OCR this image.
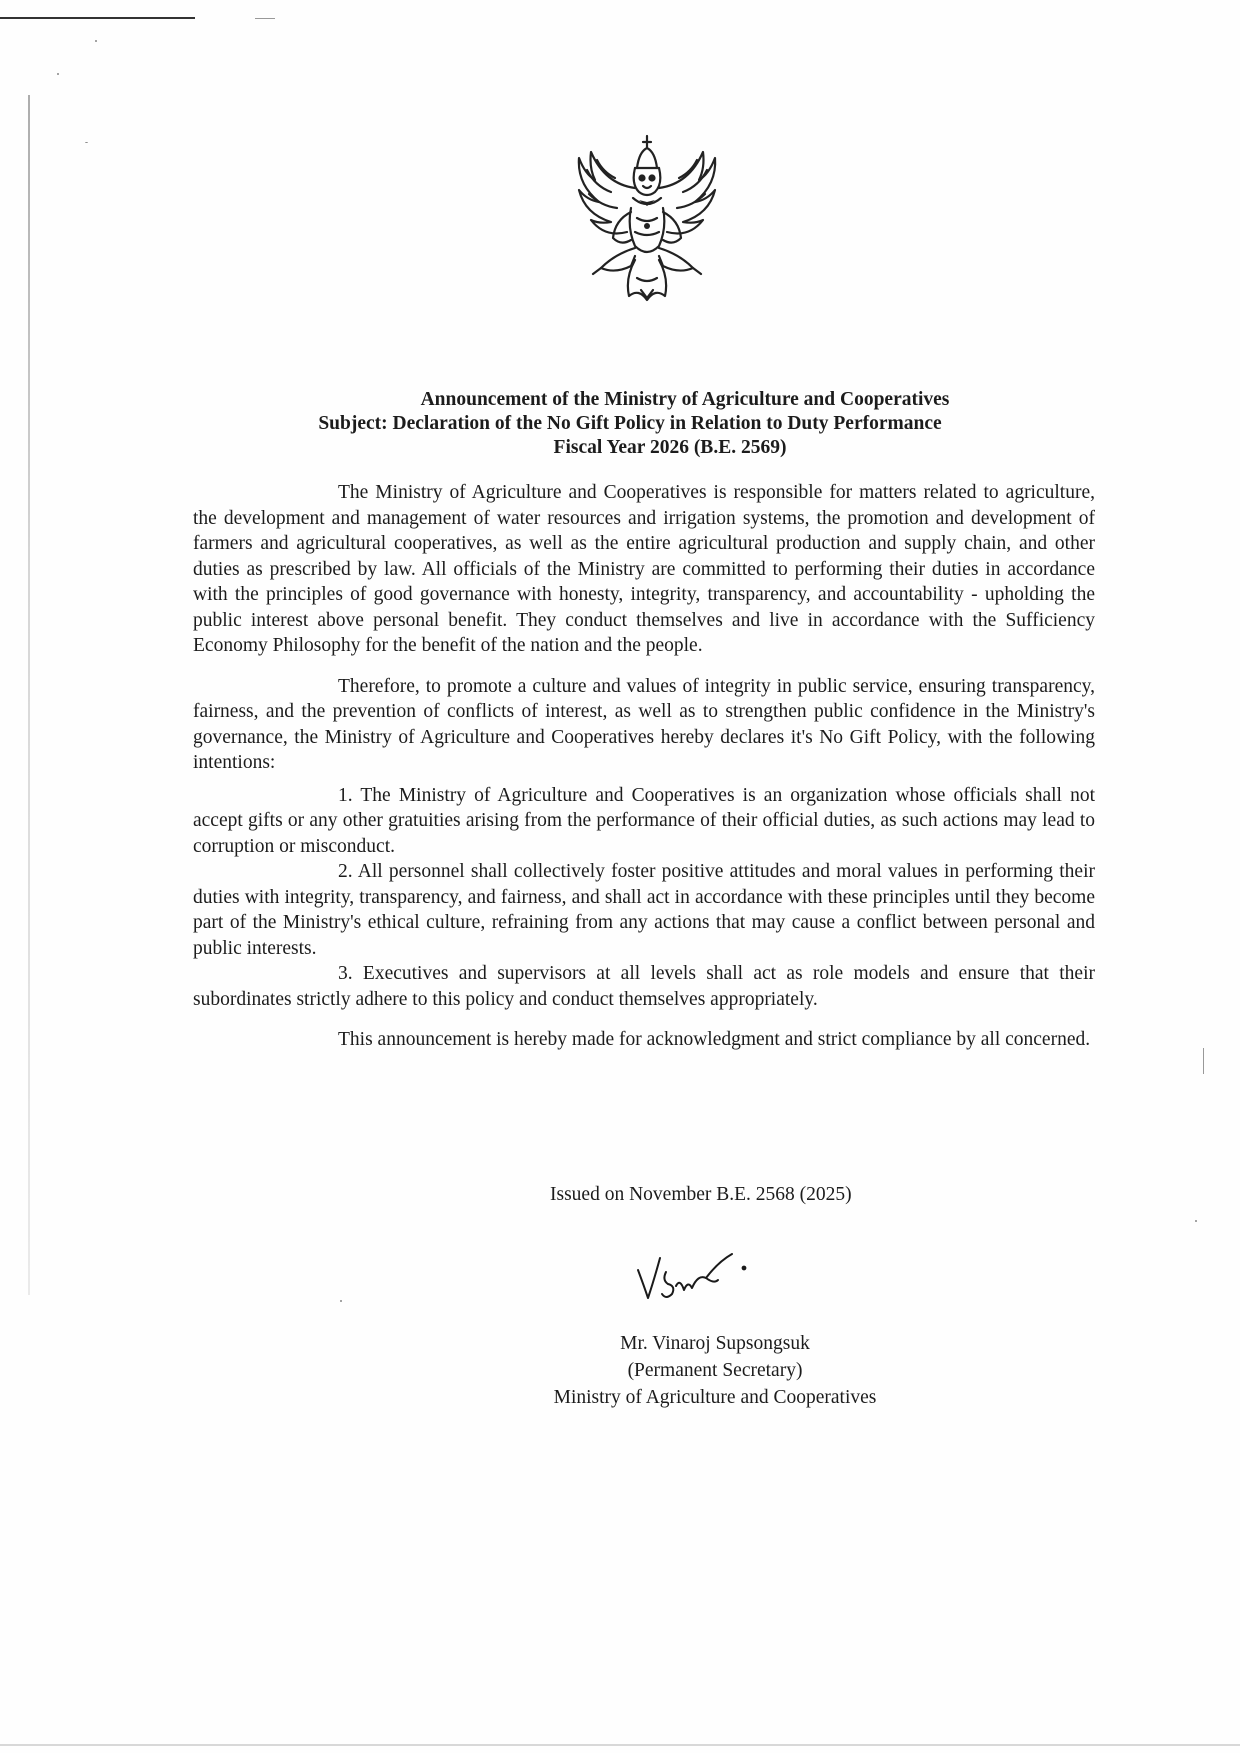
Announcement of the Ministry of Agriculture and Cooperatives
Subject: Declaration of the No Gift Policy in Relation to Duty Performance
Fiscal Year 2026 (B.E. 2569)

The Ministry of Agriculture and Cooperatives is responsible for matters related to agriculture, the development and management of water resources and irrigation systems, the promotion and development of farmers and agricultural cooperatives, as well as the entire agricultural production and supply chain, and other duties as prescribed by law. All officials of the Ministry are committed to performing their duties in accordance with the principles of good governance with honesty, integrity, transparency, and accountability - upholding the public interest above personal benefit. They conduct themselves and live in accordance with the Sufficiency Economy Philosophy for the benefit of the nation and the people.

Therefore, to promote a culture and values of integrity in public service, ensuring transparency, fairness, and the prevention of conflicts of interest, as well as to strengthen public confidence in the Ministry's governance, the Ministry of Agriculture and Cooperatives hereby declares it's No Gift Policy, with the following intentions:

1. The Ministry of Agriculture and Cooperatives is an organization whose officials shall not accept gifts or any other gratuities arising from the performance of their official duties, as such actions may lead to corruption or misconduct.

2. All personnel shall collectively foster positive attitudes and moral values in performing their duties with integrity, transparency, and fairness, and shall act in accordance with these principles until they become part of the Ministry's ethical culture, refraining from any actions that may cause a conflict between personal and public interests.

3. Executives and supervisors at all levels shall act as role models and ensure that their subordinates strictly adhere to this policy and conduct themselves appropriately.

This announcement is hereby made for acknowledgment and strict compliance by all concerned.

Issued on November B.E. 2568 (2025)
Mr. Vinaroj Supsongsuk
(Permanent Secretary)
Ministry of Agriculture and Cooperatives
